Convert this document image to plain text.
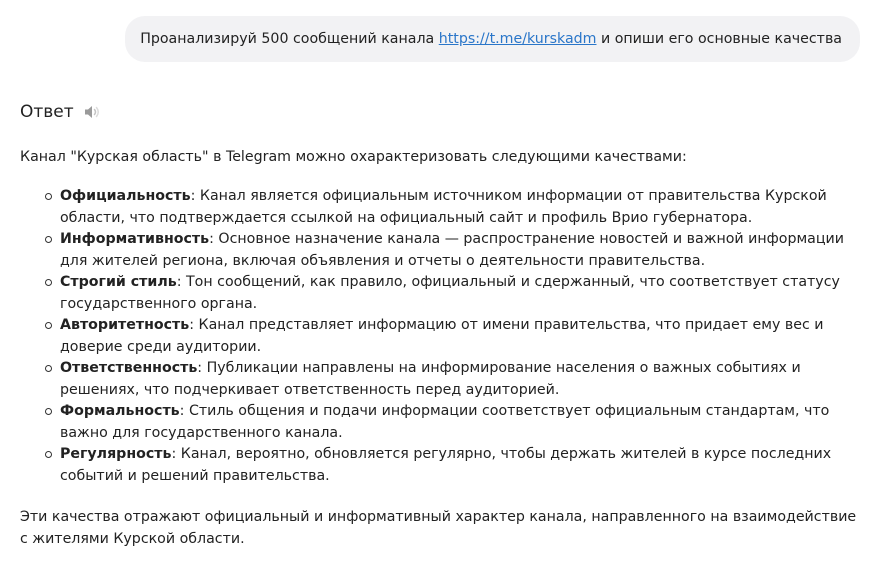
Проанализируй 500 сообщений канала https://t.me/kurskadm и опиши его основные качества
Ответ

Канал "Курская область" в Telegram можно охарактеризовать следующими качествами:

Официальность: Канал является официальным источником информации от правительства Курской области, что подтверждается ссылкой на официальный сайт и профиль Врио губернатора.
Информативность: Основное назначение канала — распространение новостей и важной информации для жителей региона, включая объявления и отчеты о деятельности правительства.
Строгий стиль: Тон сообщений, как правило, официальный и сдержанный, что соответствует статусу государственного органа.
Авторитетность: Канал представляет информацию от имени правительства, что придает ему вес и доверие среди аудитории.
Ответственность: Публикации направлены на информирование населения о важных событиях и решениях, что подчеркивает ответственность перед аудиторией.
Формальность: Стиль общения и подачи информации соответствует официальным стандартам, что важно для государственного канала.
Регулярность: Канал, вероятно, обновляется регулярно, чтобы держать жителей в курсе последних событий и решений правительства.

Эти качества отражают официальный и информативный характер канала, направленного на взаимодействие с жителями Курской области.
